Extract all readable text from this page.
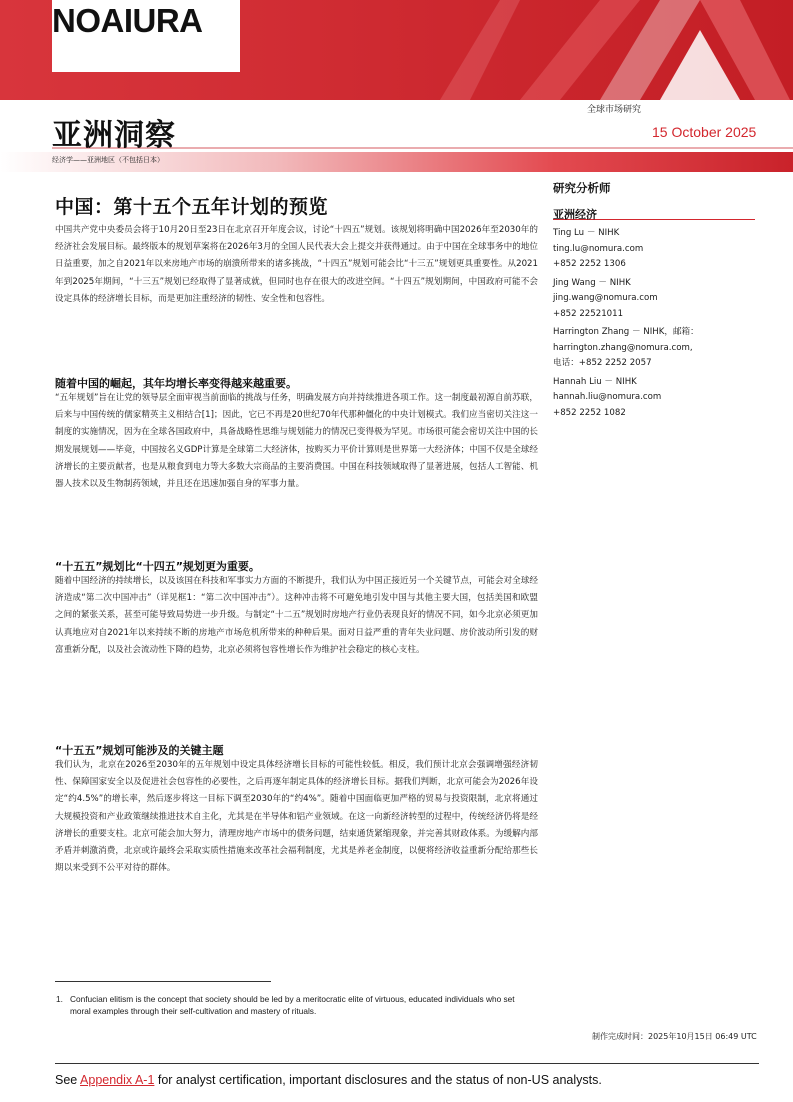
NOAIURA
全球市场研究
亚洲洞察	15 October 2025
经济学——亚洲地区（不包括日本）
中国：第十五个五年计划的预览

中国共产党中央委员会将于10月20日至23日在北京召开年度会议，讨论“十四五”规划。该规划将明确中国2026年至2030年的经济社会发展目标。最终版本的规划草案将在2026年3月的全国人民代表大会上提交并获得通过。由于中国在全球事务中的地位日益重要，加之自2021年以来房地产市场的崩溃所带来的诸多挑战，“十四五”规划可能会比“十三五”规划更具重要性。从2021年到2025年期间，“十三五”规划已经取得了显著成就，但同时也存在很大的改进空间。“十四五”规划期间，中国政府可能不会设定具体的经济增长目标，而是更加注重经济的韧性、安全性和包容性。

随着中国的崛起，其年均增长率变得越来越重要。

“五年规划”旨在让党的领导层全面审视当前面临的挑战与任务，明确发展方向并持续推进各项工作。这一制度最初源自前苏联，后来与中国传统的儒家精英主义相结合[1]；因此，它已不再是20世纪70年代那种僵化的中央计划模式。我们应当密切关注这一制度的实施情况，因为在全球各国政府中，具备战略性思维与规划能力的情况已变得极为罕见。市场很可能会密切关注中国的长期发展规划——毕竟，中国按名义GDP计算是全球第二大经济体，按购买力平价计算则是世界第一大经济体；中国不仅是全球经济增长的主要贡献者，也是从粮食到电力等大多数大宗商品的主要消费国。中国在科技领域取得了显著进展，包括人工智能、机器人技术以及生物制药领域，并且还在迅速加强自身的军事力量。

“十五五”规划比“十四五”规划更为重要。

随着中国经济的持续增长，以及该国在科技和军事实力方面的不断提升，我们认为中国正接近另一个关键节点，可能会对全球经济造成“第二次中国冲击”（详见框1：“第二次中国冲击”）。这种冲击将不可避免地引发中国与其他主要大国，包括美国和欧盟之间的紧张关系，甚至可能导致局势进一步升级。与制定“十二五”规划时房地产行业仍表现良好的情况不同，如今北京必须更加认真地应对自2021年以来持续不断的房地产市场危机所带来的种种后果。面对日益严重的青年失业问题、房价波动所引发的财富重新分配，以及社会流动性下降的趋势，北京必须将包容性增长作为维护社会稳定的核心支柱。

“十五五”规划可能涉及的关键主题

我们认为，北京在2026至2030年的五年规划中设定具体经济增长目标的可能性较低。相反，我们预计北京会强调增强经济韧性、保障国家安全以及促进社会包容性的必要性，之后再逐年制定具体的经济增长目标。据我们判断，北京可能会为2026年设定“约4.5%”的增长率，然后逐步将这一目标下调至2030年的“约4%”。随着中国面临更加严格的贸易与投资限制，北京将通过大规模投资和产业政策继续推进技术自主化，尤其是在半导体和铝产业领域。在这一向新经济转型的过程中，传统经济仍将是经济增长的重要支柱。北京可能会加大努力，清理房地产市场中的债务问题，结束通货紧缩现象，并完善其财政体系。为缓解内部矛盾并刺激消费，北京或许最终会采取实质性措施来改革社会福利制度，尤其是养老金制度，以便将经济收益重新分配给那些长期以来受到不公平对待的群体。

研究分析师
亚洲经济
Ting Lu － NIHK
ting.lu@nomura.com
+852 2252 1306
Jing Wang － NIHK
jing.wang@nomura.com
+852 22521011
Harrington Zhang － NIHK，邮箱：
harrington.zhang@nomura.com,
电话：+852 2252 2057
Hannah Liu － NIHK
hannah.liu@nomura.com
+852 2252 1082
1. Confucian elitism is the concept that society should be led by a meritocratic elite of virtuous, educated individuals who set moral examples through their self-cultivation and mastery of rituals.
制作完成时间：2025年10月15日 06:49 UTC
See Appendix A-1 for analyst certification, important disclosures and the status of non-US analysts.
